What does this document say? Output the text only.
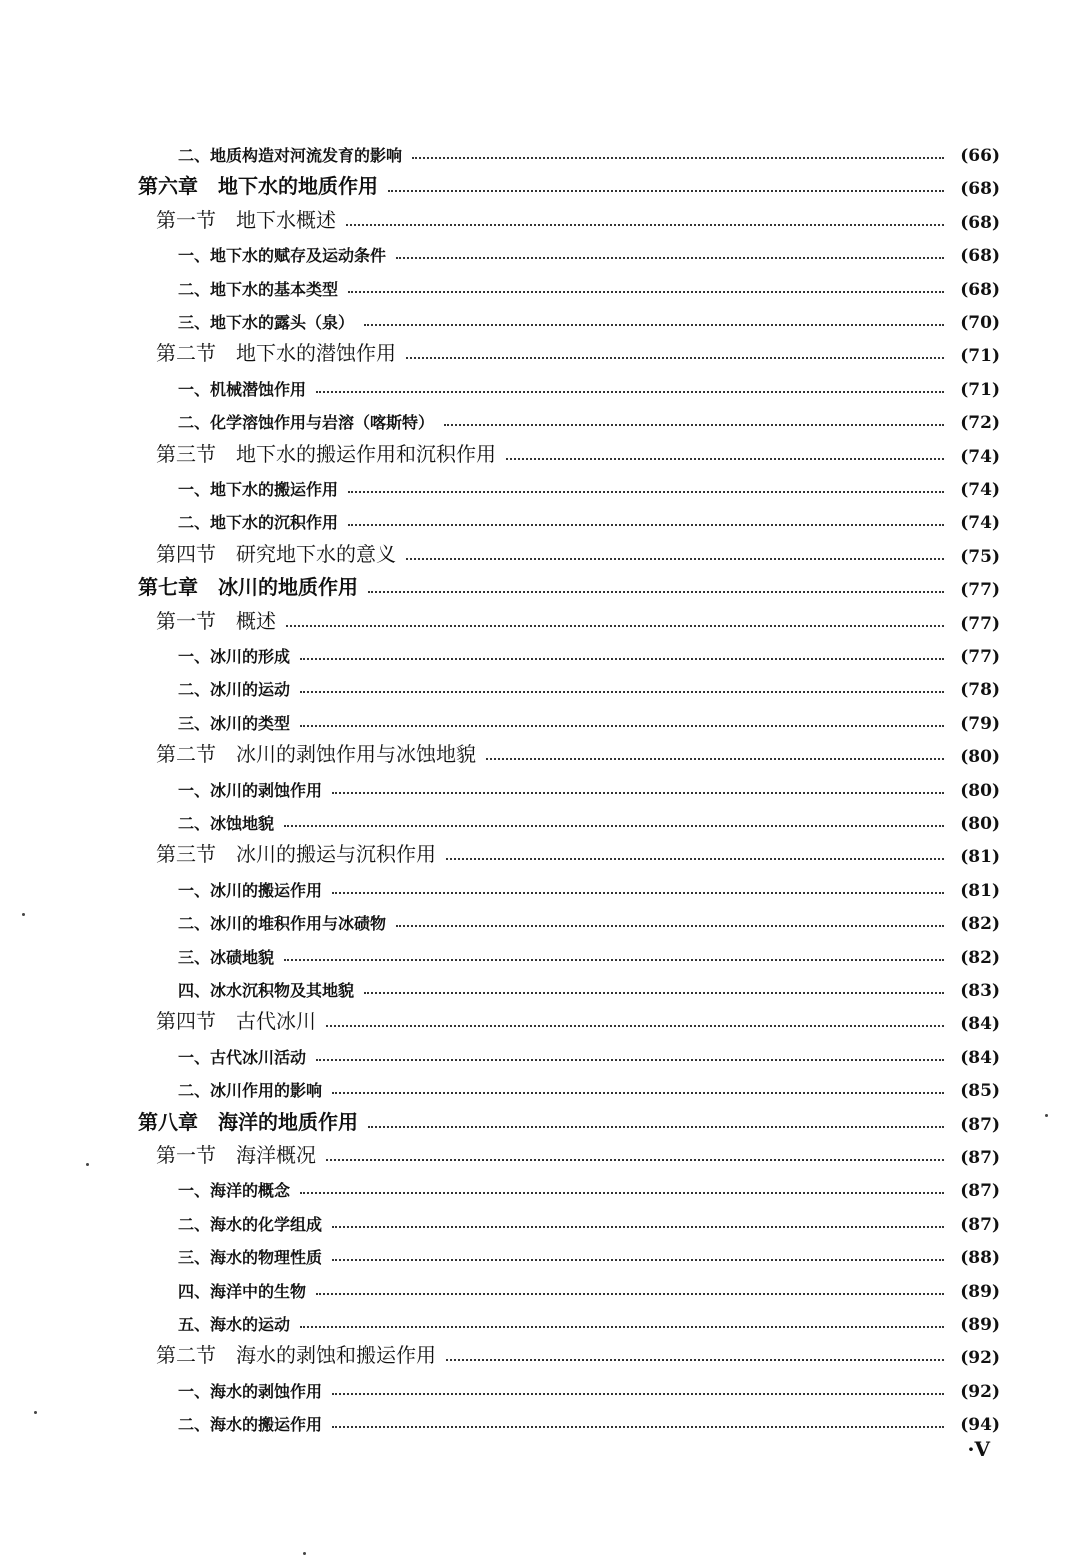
二、地质构造对河流发育的影响	(66)
第六章　地下水的地质作用	(68)
第一节　地下水概述	(68)
一、地下水的赋存及运动条件	(68)
二、地下水的基本类型	(68)
三、地下水的露头（泉）	(70)
第二节　地下水的潜蚀作用	(71)
一、机械潜蚀作用	(71)
二、化学溶蚀作用与岩溶（喀斯特）	(72)
第三节　地下水的搬运作用和沉积作用	(74)
一、地下水的搬运作用	(74)
二、地下水的沉积作用	(74)
第四节　研究地下水的意义	(75)
第七章　冰川的地质作用	(77)
第一节　概述	(77)
一、冰川的形成	(77)
二、冰川的运动	(78)
三、冰川的类型	(79)
第二节　冰川的剥蚀作用与冰蚀地貌	(80)
一、冰川的剥蚀作用	(80)
二、冰蚀地貌	(80)
第三节　冰川的搬运与沉积作用	(81)
一、冰川的搬运作用	(81)
二、冰川的堆积作用与冰碛物	(82)
三、冰碛地貌	(82)
四、冰水沉积物及其地貌	(83)
第四节　古代冰川	(84)
一、古代冰川活动	(84)
二、冰川作用的影响	(85)
第八章　海洋的地质作用	(87)
第一节　海洋概况	(87)
一、海洋的概念	(87)
二、海水的化学组成	(87)
三、海水的物理性质	(88)
四、海洋中的生物	(89)
五、海水的运动	(89)
第二节　海水的剥蚀和搬运作用	(92)
一、海水的剥蚀作用	(92)
二、海水的搬运作用	(94)
·V
